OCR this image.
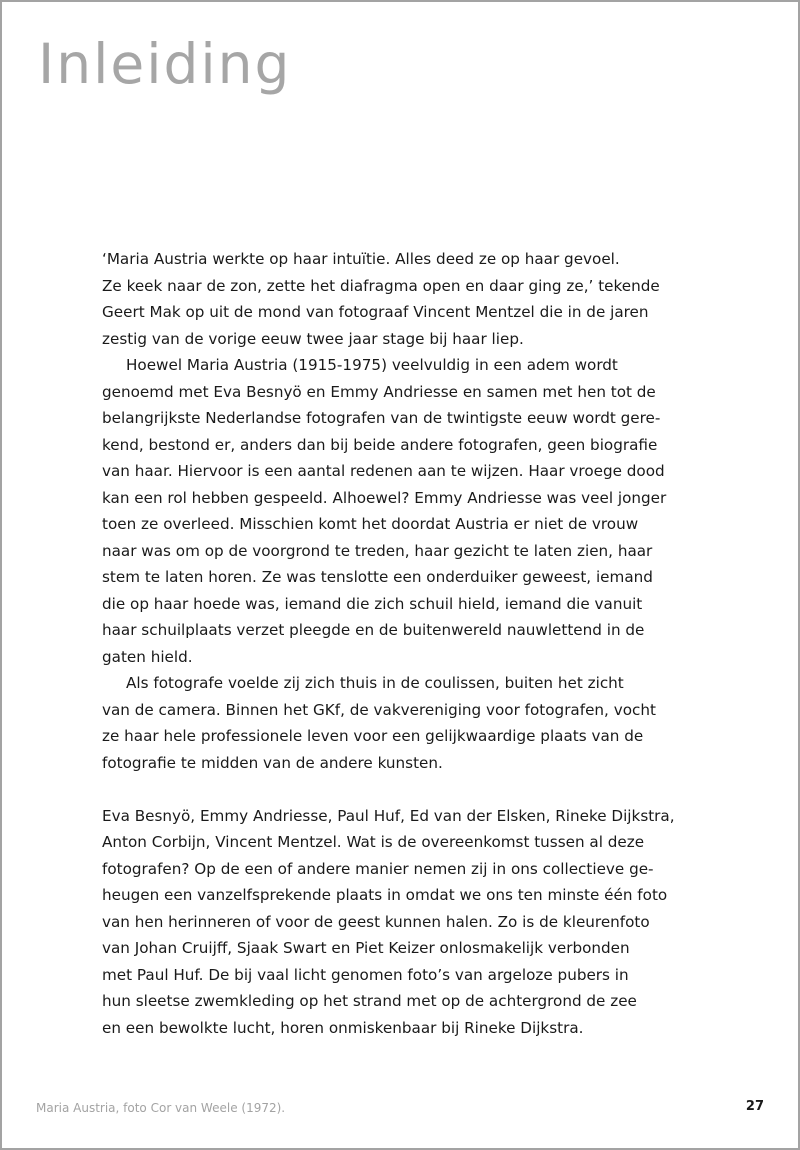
Inleiding
‘Maria Austria werkte op haar intuïtie. Alles deed ze op haar gevoel.
Ze keek naar de zon, zette het diafragma open en daar ging ze,’ tekende
Geert Mak op uit de mond van fotograaf Vincent Mentzel die in de jaren
zestig van de vorige eeuw twee jaar stage bij haar liep.
Hoewel Maria Austria (1915-1975) veelvuldig in een adem wordt
genoemd met Eva Besnyö en Emmy Andriesse en samen met hen tot de
belangrijkste Nederlandse fotografen van de twintigste eeuw wordt gere-
kend, bestond er, anders dan bij beide andere fotografen, geen biografie
van haar. Hiervoor is een aantal redenen aan te wijzen. Haar vroege dood
kan een rol hebben gespeeld. Alhoewel? Emmy Andriesse was veel jonger
toen ze overleed. Misschien komt het doordat Austria er niet de vrouw
naar was om op de voorgrond te treden, haar gezicht te laten zien, haar
stem te laten horen. Ze was tenslotte een onderduiker geweest, iemand
die op haar hoede was, iemand die zich schuil hield, iemand die vanuit
haar schuilplaats verzet pleegde en de buitenwereld nauwlettend in de
gaten hield.
Als fotografe voelde zij zich thuis in de coulissen, buiten het zicht
van de camera. Binnen het GKf, de vakvereniging voor fotografen, vocht
ze haar hele professionele leven voor een gelijkwaardige plaats van de
fotografie te midden van de andere kunsten.
Eva Besnyö, Emmy Andriesse, Paul Huf, Ed van der Elsken, Rineke Dijkstra,
Anton Corbijn, Vincent Mentzel. Wat is de overeenkomst tussen al deze
fotografen? Op de een of andere manier nemen zij in ons collectieve ge-
heugen een vanzelfsprekende plaats in omdat we ons ten minste één foto
van hen herinneren of voor de geest kunnen halen. Zo is de kleurenfoto
van Johan Cruijff, Sjaak Swart en Piet Keizer onlosmakelijk verbonden
met Paul Huf. De bij vaal licht genomen foto’s van argeloze pubers in
hun sleetse zwemkleding op het strand met op de achtergrond de zee
en een bewolkte lucht, horen onmiskenbaar bij Rineke Dijkstra.
Maria Austria, foto Cor van Weele (1972).	27
